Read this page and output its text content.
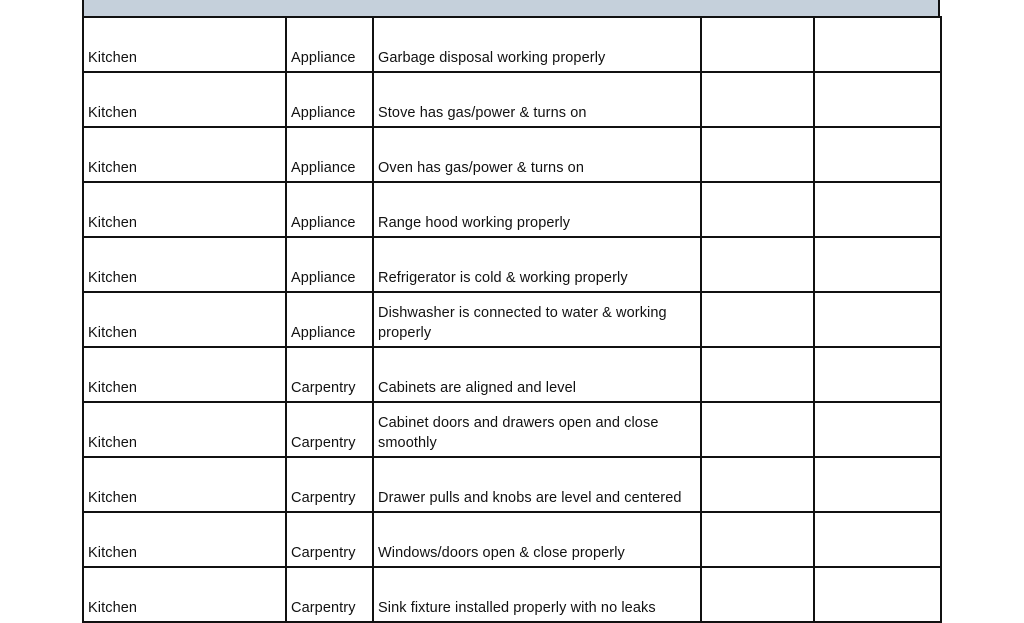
Kitchen	Appliance	Garbage disposal working properly		
Kitchen	Appliance	Stove has gas/power & turns on		
Kitchen	Appliance	Oven has gas/power & turns on		
Kitchen	Appliance	Range hood working properly		
Kitchen	Appliance	Refrigerator is cold & working properly		
Kitchen	Appliance	Dishwasher is connected to water & working properly		
Kitchen	Carpentry	Cabinets are aligned and level		
Kitchen	Carpentry	Cabinet doors and drawers open and close smoothly		
Kitchen	Carpentry	Drawer pulls and knobs are level and centered		
Kitchen	Carpentry	Windows/doors open & close properly		
Kitchen	Carpentry	Sink fixture installed properly with no leaks		
